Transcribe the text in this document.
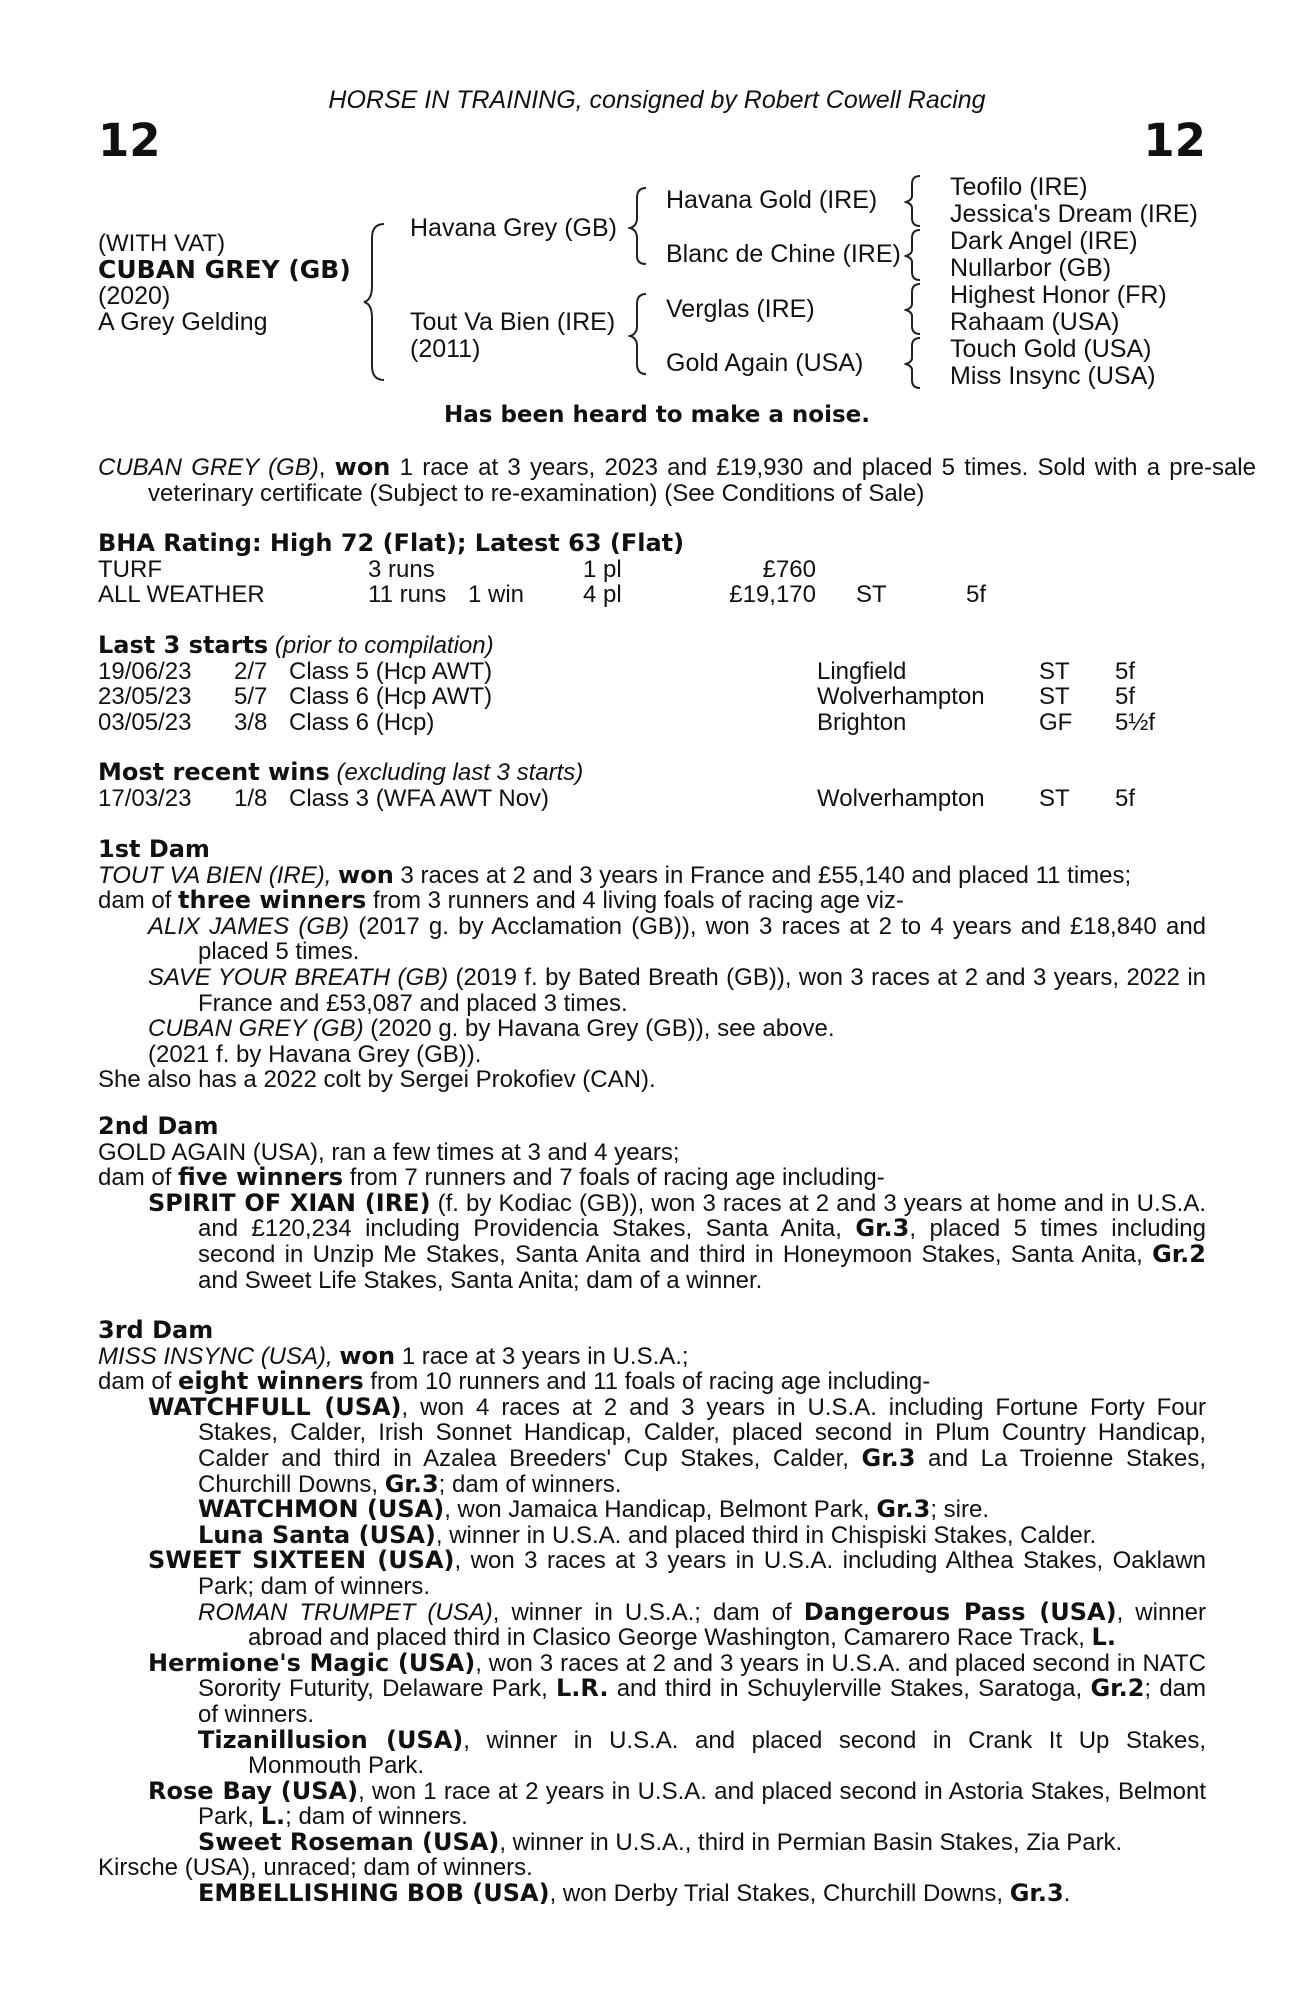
HORSE IN TRAINING, consigned by Robert Cowell Racing
12	12
(WITH VAT)
CUBAN GREY (GB)
(2020)
A Grey Gelding
Havana Grey (GB)
Tout Va Bien (IRE)
(2011)
Havana Gold (IRE)
Blanc de Chine (IRE)
Verglas (IRE)
Gold Again (USA)
Teofilo (IRE)
Jessica's Dream (IRE)
Dark Angel (IRE)
Nullarbor (GB)
Highest Honor (FR)
Rahaam (USA)
Touch Gold (USA)
Miss Insync (USA)
Has been heard to make a noise.
CUBAN GREY (GB), won 1 race at 3 years, 2023 and £19,930 and placed 5 times. Sold with a pre-sale veterinary certificate (Subject to re-examination) (See Conditions of Sale)
BHA Rating: High 72 (Flat); Latest 63 (Flat)
TURF	3 runs		1 pl	£760		
ALL WEATHER	11 runs	1 win	4 pl	£19,170	ST	5f
Last 3 starts (prior to compilation)
19/06/23	2/7	Class 5 (Hcp AWT)	Lingfield	ST	5f
23/05/23	5/7	Class 6 (Hcp AWT)	Wolverhampton	ST	5f
03/05/23	3/8	Class 6 (Hcp)	Brighton	GF	5½f
Most recent wins (excluding last 3 starts)
17/03/23	1/8	Class 3 (WFA AWT Nov)	Wolverhampton	ST	5f
1st Dam

TOUT VA BIEN (IRE), won 3 races at 2 and 3 years in France and £55,140 and placed 11 times;

dam of three winners from 3 runners and 4 living foals of racing age viz-

ALIX JAMES (GB) (2017 g. by Acclamation (GB)), won 3 races at 2 to 4 years and £18,840 and placed 5 times.

SAVE YOUR BREATH (GB) (2019 f. by Bated Breath (GB)), won 3 races at 2 and 3 years, 2022 in France and £53,087 and placed 3 times.

CUBAN GREY (GB) (2020 g. by Havana Grey (GB)), see above.

(2021 f. by Havana Grey (GB)).

She also has a 2022 colt by Sergei Prokofiev (CAN).

2nd Dam

GOLD AGAIN (USA), ran a few times at 3 and 4 years;

dam of five winners from 7 runners and 7 foals of racing age including-

SPIRIT OF XIAN (IRE) (f. by Kodiac (GB)), won 3 races at 2 and 3 years at home and in U.S.A. and £120,234 including Providencia Stakes, Santa Anita, Gr.3, placed 5 times including second in Unzip Me Stakes, Santa Anita and third in Honeymoon Stakes, Santa Anita, Gr.2 and Sweet Life Stakes, Santa Anita; dam of a winner.

3rd Dam

MISS INSYNC (USA), won 1 race at 3 years in U.S.A.;

dam of eight winners from 10 runners and 11 foals of racing age including-

WATCHFULL (USA), won 4 races at 2 and 3 years in U.S.A. including Fortune Forty Four Stakes, Calder, Irish Sonnet Handicap, Calder, placed second in Plum Country Handicap, Calder and third in Azalea Breeders' Cup Stakes, Calder, Gr.3 and La Troienne Stakes, Churchill Downs, Gr.3; dam of winners.

WATCHMON (USA), won Jamaica Handicap, Belmont Park, Gr.3; sire.

Luna Santa (USA), winner in U.S.A. and placed third in Chispiski Stakes, Calder.

SWEET SIXTEEN (USA), won 3 races at 3 years in U.S.A. including Althea Stakes, Oaklawn Park; dam of winners.

ROMAN TRUMPET (USA), winner in U.S.A.; dam of Dangerous Pass (USA), winner abroad and placed third in Clasico George Washington, Camarero Race Track, L.

Hermione's Magic (USA), won 3 races at 2 and 3 years in U.S.A. and placed second in NATC Sorority Futurity, Delaware Park, L.R. and third in Schuylerville Stakes, Saratoga, Gr.2; dam of winners.

Tizanillusion (USA), winner in U.S.A. and placed second in Crank It Up Stakes, Monmouth Park.

Rose Bay (USA), won 1 race at 2 years in U.S.A. and placed second in Astoria Stakes, Belmont Park, L.; dam of winners.

Sweet Roseman (USA), winner in U.S.A., third in Permian Basin Stakes, Zia Park.

Kirsche (USA), unraced; dam of winners.

EMBELLISHING BOB (USA), won Derby Trial Stakes, Churchill Downs, Gr.3.
